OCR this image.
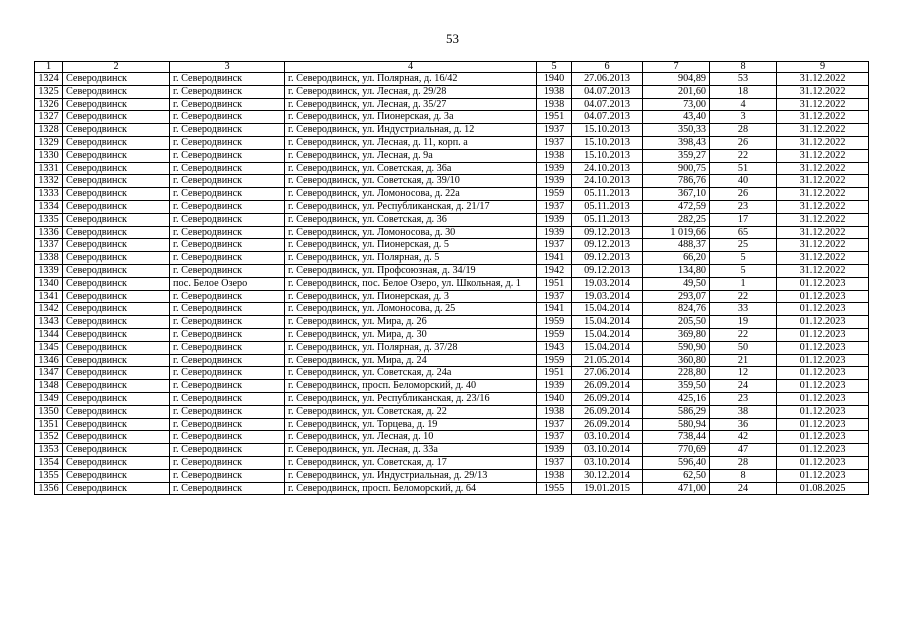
53
1	2	3	4	5	6	7	8	9
1324	Северодвинск	г. Северодвинск	г. Северодвинск, ул. Полярная, д. 16/42	1940	27.06.2013	904,89	53	31.12.2022
1325	Северодвинск	г. Северодвинск	г. Северодвинск, ул. Лесная, д. 29/28	1938	04.07.2013	201,60	18	31.12.2022
1326	Северодвинск	г. Северодвинск	г. Северодвинск, ул. Лесная, д. 35/27	1938	04.07.2013	73,00	4	31.12.2022
1327	Северодвинск	г. Северодвинск	г. Северодвинск, ул. Пионерская, д. 3а	1951	04.07.2013	43,40	3	31.12.2022
1328	Северодвинск	г. Северодвинск	г. Северодвинск, ул. Индустриальная, д. 12	1937	15.10.2013	350,33	28	31.12.2022
1329	Северодвинск	г. Северодвинск	г. Северодвинск, ул. Лесная, д. 11, корп. а	1937	15.10.2013	398,43	26	31.12.2022
1330	Северодвинск	г. Северодвинск	г. Северодвинск, ул. Лесная, д. 9а	1938	15.10.2013	359,27	22	31.12.2022
1331	Северодвинск	г. Северодвинск	г. Северодвинск, ул. Советская, д. 36а	1939	24.10.2013	900,75	51	31.12.2022
1332	Северодвинск	г. Северодвинск	г. Северодвинск, ул. Советская, д. 39/10	1939	24.10.2013	786,76	40	31.12.2022
1333	Северодвинск	г. Северодвинск	г. Северодвинск, ул. Ломоносова, д. 22а	1959	05.11.2013	367,10	26	31.12.2022
1334	Северодвинск	г. Северодвинск	г. Северодвинск, ул. Республиканская, д. 21/17	1937	05.11.2013	472,59	23	31.12.2022
1335	Северодвинск	г. Северодвинск	г. Северодвинск, ул. Советская, д. 36	1939	05.11.2013	282,25	17	31.12.2022
1336	Северодвинск	г. Северодвинск	г. Северодвинск, ул. Ломоносова, д. 30	1939	09.12.2013	1 019,66	65	31.12.2022
1337	Северодвинск	г. Северодвинск	г. Северодвинск, ул. Пионерская, д. 5	1937	09.12.2013	488,37	25	31.12.2022
1338	Северодвинск	г. Северодвинск	г. Северодвинск, ул. Полярная, д. 5	1941	09.12.2013	66,20	5	31.12.2022
1339	Северодвинск	г. Северодвинск	г. Северодвинск, ул. Профсоюзная, д. 34/19	1942	09.12.2013	134,80	5	31.12.2022
1340	Северодвинск	пос. Белое Озеро	г. Северодвинск, пос. Белое Озеро, ул. Школьная, д. 1	1951	19.03.2014	49,50	1	01.12.2023
1341	Северодвинск	г. Северодвинск	г. Северодвинск, ул. Пионерская, д. 3	1937	19.03.2014	293,07	22	01.12.2023
1342	Северодвинск	г. Северодвинск	г. Северодвинск, ул. Ломоносова, д. 25	1941	15.04.2014	824,76	33	01.12.2023
1343	Северодвинск	г. Северодвинск	г. Северодвинск, ул. Мира, д. 26	1959	15.04.2014	205,50	19	01.12.2023
1344	Северодвинск	г. Северодвинск	г. Северодвинск, ул. Мира, д. 30	1959	15.04.2014	369,80	22	01.12.2023
1345	Северодвинск	г. Северодвинск	г. Северодвинск, ул. Полярная, д. 37/28	1943	15.04.2014	590,90	50	01.12.2023
1346	Северодвинск	г. Северодвинск	г. Северодвинск, ул. Мира, д. 24	1959	21.05.2014	360,80	21	01.12.2023
1347	Северодвинск	г. Северодвинск	г. Северодвинск, ул. Советская, д. 24а	1951	27.06.2014	228,80	12	01.12.2023
1348	Северодвинск	г. Северодвинск	г. Северодвинск, просп. Беломорский, д. 40	1939	26.09.2014	359,50	24	01.12.2023
1349	Северодвинск	г. Северодвинск	г. Северодвинск, ул. Республиканская, д. 23/16	1940	26.09.2014	425,16	23	01.12.2023
1350	Северодвинск	г. Северодвинск	г. Северодвинск, ул. Советская, д. 22	1938	26.09.2014	586,29	38	01.12.2023
1351	Северодвинск	г. Северодвинск	г. Северодвинск, ул. Торцева, д. 19	1937	26.09.2014	580,94	36	01.12.2023
1352	Северодвинск	г. Северодвинск	г. Северодвинск, ул. Лесная, д. 10	1937	03.10.2014	738,44	42	01.12.2023
1353	Северодвинск	г. Северодвинск	г. Северодвинск, ул. Лесная, д. 33а	1939	03.10.2014	770,69	47	01.12.2023
1354	Северодвинск	г. Северодвинск	г. Северодвинск, ул. Советская, д. 17	1937	03.10.2014	596,40	28	01.12.2023
1355	Северодвинск	г. Северодвинск	г. Северодвинск, ул. Индустриальная, д. 29/13	1938	30.12.2014	62,50	8	01.12.2023
1356	Северодвинск	г. Северодвинск	г. Северодвинск, просп. Беломорский, д. 64	1955	19.01.2015	471,00	24	01.08.2025
